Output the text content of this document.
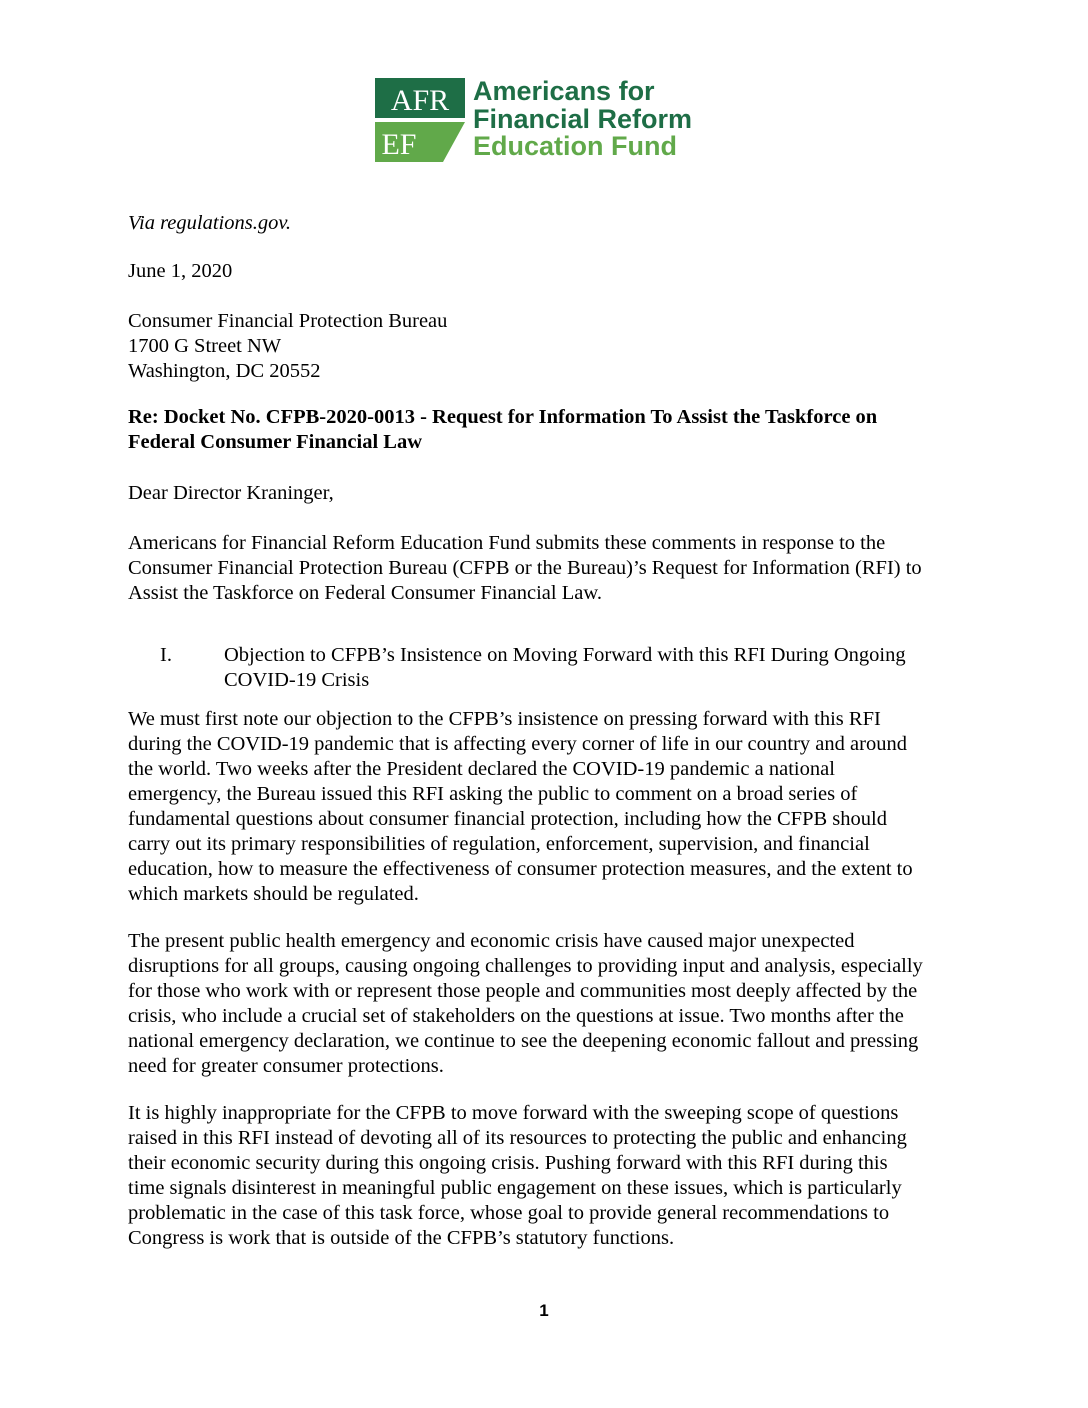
AFR
EF
Americans for
Financial Reform
Education Fund
Via regulations.gov.
June 1, 2020
Consumer Financial Protection Bureau
1700 G Street NW
Washington, DC 20552
Re: Docket No. CFPB-2020-0013 - Request for Information To Assist the Taskforce on
Federal Consumer Financial Law
Dear Director Kraninger,
Americans for Financial Reform Education Fund submits these comments in response to the
Consumer Financial Protection Bureau (CFPB or the Bureau)’s Request for Information (RFI) to
Assist the Taskforce on Federal Consumer Financial Law.
I.	Objection to CFPB’s Insistence on Moving Forward with this RFI During Ongoing
COVID-19 Crisis
We must first note our objection to the CFPB’s insistence on pressing forward with this RFI
during the COVID-19 pandemic that is affecting every corner of life in our country and around
the world. Two weeks after the President declared the COVID-19 pandemic a national
emergency, the Bureau issued this RFI asking the public to comment on a broad series of
fundamental questions about consumer financial protection, including how the CFPB should
carry out its primary responsibilities of regulation, enforcement, supervision, and financial
education, how to measure the effectiveness of consumer protection measures, and the extent to
which markets should be regulated.
The present public health emergency and economic crisis have caused major unexpected
disruptions for all groups, causing ongoing challenges to providing input and analysis, especially
for those who work with or represent those people and communities most deeply affected by the
crisis, who include a crucial set of stakeholders on the questions at issue. Two months after the
national emergency declaration, we continue to see the deepening economic fallout and pressing
need for greater consumer protections.
It is highly inappropriate for the CFPB to move forward with the sweeping scope of questions
raised in this RFI instead of devoting all of its resources to protecting the public and enhancing
their economic security during this ongoing crisis. Pushing forward with this RFI during this
time signals disinterest in meaningful public engagement on these issues, which is particularly
problematic in the case of this task force, whose goal to provide general recommendations to
Congress is work that is outside of the CFPB’s statutory functions.
1
